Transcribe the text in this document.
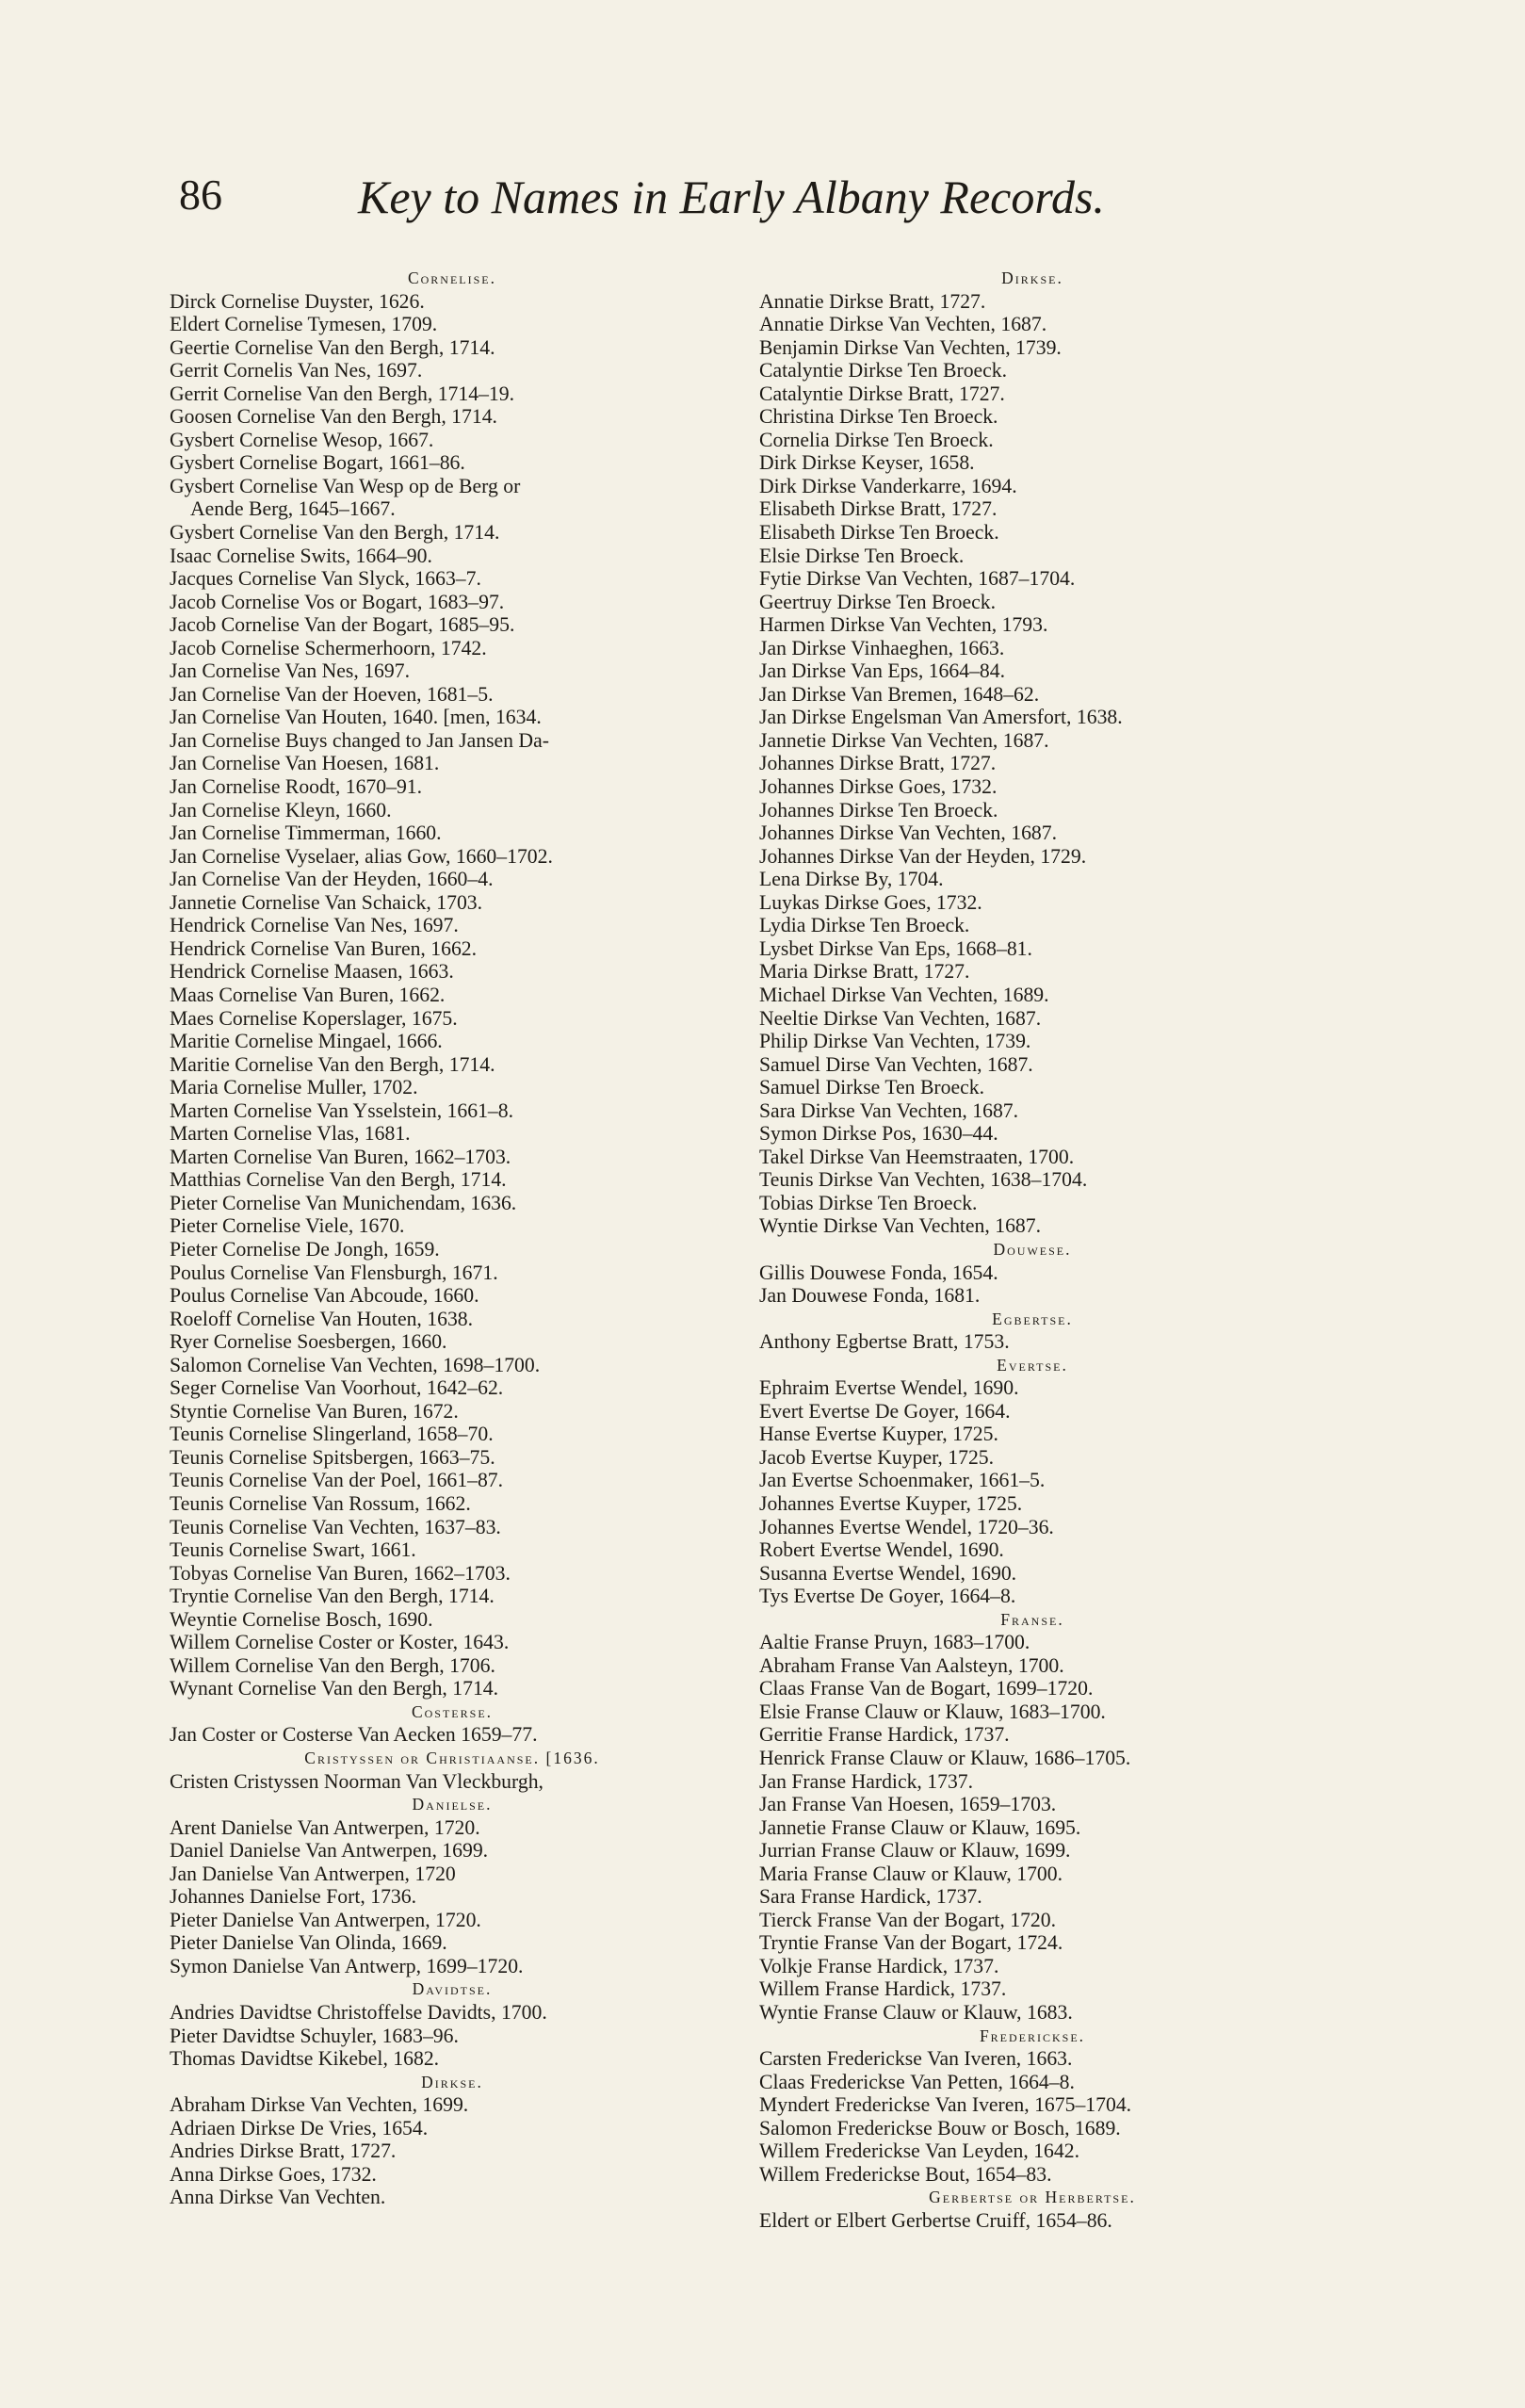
86	Key to Names in Early Albany Records.
Cornelise.
Dirck Cornelise Duyster, 1626.
Eldert Cornelise Tymesen, 1709.
Geertie Cornelise Van den Bergh, 1714.
Gerrit Cornelis Van Nes, 1697.
Gerrit Cornelise Van den Bergh, 1714–19.
Goosen Cornelise Van den Bergh, 1714.
Gysbert Cornelise Wesop, 1667.
Gysbert Cornelise Bogart, 1661–86.
Gysbert Cornelise Van Wesp op de Berg or
Aende Berg, 1645–1667.
Gysbert Cornelise Van den Bergh, 1714.
Isaac Cornelise Swits, 1664–90.
Jacques Cornelise Van Slyck, 1663–7.
Jacob Cornelise Vos or Bogart, 1683–97.
Jacob Cornelise Van der Bogart, 1685–95.
Jacob Cornelise Schermerhoorn, 1742.
Jan Cornelise Van Nes, 1697.
Jan Cornelise Van der Hoeven, 1681–5.
Jan Cornelise Van Houten, 1640. [men, 1634.
Jan Cornelise Buys changed to Jan Jansen Da-
Jan Cornelise Van Hoesen, 1681.
Jan Cornelise Roodt, 1670–91.
Jan Cornelise Kleyn, 1660.
Jan Cornelise Timmerman, 1660.
Jan Cornelise Vyselaer, alias Gow, 1660–1702.
Jan Cornelise Van der Heyden, 1660–4.
Jannetie Cornelise Van Schaick, 1703.
Hendrick Cornelise Van Nes, 1697.
Hendrick Cornelise Van Buren, 1662.
Hendrick Cornelise Maasen, 1663.
Maas Cornelise Van Buren, 1662.
Maes Cornelise Koperslager, 1675.
Maritie Cornelise Mingael, 1666.
Maritie Cornelise Van den Bergh, 1714.
Maria Cornelise Muller, 1702.
Marten Cornelise Van Ysselstein, 1661–8.
Marten Cornelise Vlas, 1681.
Marten Cornelise Van Buren, 1662–1703.
Matthias Cornelise Van den Bergh, 1714.
Pieter Cornelise Van Munichendam, 1636.
Pieter Cornelise Viele, 1670.
Pieter Cornelise De Jongh, 1659.
Poulus Cornelise Van Flensburgh, 1671.
Poulus Cornelise Van Abcoude, 1660.
Roeloff Cornelise Van Houten, 1638.
Ryer Cornelise Soesbergen, 1660.
Salomon Cornelise Van Vechten, 1698–1700.
Seger Cornelise Van Voorhout, 1642–62.
Styntie Cornelise Van Buren, 1672.
Teunis Cornelise Slingerland, 1658–70.
Teunis Cornelise Spitsbergen, 1663–75.
Teunis Cornelise Van der Poel, 1661–87.
Teunis Cornelise Van Rossum, 1662.
Teunis Cornelise Van Vechten, 1637–83.
Teunis Cornelise Swart, 1661.
Tobyas Cornelise Van Buren, 1662–1703.
Tryntie Cornelise Van den Bergh, 1714.
Weyntie Cornelise Bosch, 1690.
Willem Cornelise Coster or Koster, 1643.
Willem Cornelise Van den Bergh, 1706.
Wynant Cornelise Van den Bergh, 1714.
Costerse.
Jan Coster or Costerse Van Aecken 1659–77.
Cristyssen or Christiaanse. [1636.
Cristen Cristyssen Noorman Van Vleckburgh,
Danielse.
Arent Danielse Van Antwerpen, 1720.
Daniel Danielse Van Antwerpen, 1699.
Jan Danielse Van Antwerpen, 1720
Johannes Danielse Fort, 1736.
Pieter Danielse Van Antwerpen, 1720.
Pieter Danielse Van Olinda, 1669.
Symon Danielse Van Antwerp, 1699–1720.
Davidtse.
Andries Davidtse Christoffelse Davidts, 1700.
Pieter Davidtse Schuyler, 1683–96.
Thomas Davidtse Kikebel, 1682.
Dirkse.
Abraham Dirkse Van Vechten, 1699.
Adriaen Dirkse De Vries, 1654.
Andries Dirkse Bratt, 1727.
Anna Dirkse Goes, 1732.
Anna Dirkse Van Vechten.
Dirkse.
Annatie Dirkse Bratt, 1727.
Annatie Dirkse Van Vechten, 1687.
Benjamin Dirkse Van Vechten, 1739.
Catalyntie Dirkse Ten Broeck.
Catalyntie Dirkse Bratt, 1727.
Christina Dirkse Ten Broeck.
Cornelia Dirkse Ten Broeck.
Dirk Dirkse Keyser, 1658.
Dirk Dirkse Vanderkarre, 1694.
Elisabeth Dirkse Bratt, 1727.
Elisabeth Dirkse Ten Broeck.
Elsie Dirkse Ten Broeck.
Fytie Dirkse Van Vechten, 1687–1704.
Geertruy Dirkse Ten Broeck.
Harmen Dirkse Van Vechten, 1793.
Jan Dirkse Vinhaeghen, 1663.
Jan Dirkse Van Eps, 1664–84.
Jan Dirkse Van Bremen, 1648–62.
Jan Dirkse Engelsman Van Amersfort, 1638.
Jannetie Dirkse Van Vechten, 1687.
Johannes Dirkse Bratt, 1727.
Johannes Dirkse Goes, 1732.
Johannes Dirkse Ten Broeck.
Johannes Dirkse Van Vechten, 1687.
Johannes Dirkse Van der Heyden, 1729.
Lena Dirkse By, 1704.
Luykas Dirkse Goes, 1732.
Lydia Dirkse Ten Broeck.
Lysbet Dirkse Van Eps, 1668–81.
Maria Dirkse Bratt, 1727.
Michael Dirkse Van Vechten, 1689.
Neeltie Dirkse Van Vechten, 1687.
Philip Dirkse Van Vechten, 1739.
Samuel Dirse Van Vechten, 1687.
Samuel Dirkse Ten Broeck.
Sara Dirkse Van Vechten, 1687.
Symon Dirkse Pos, 1630–44.
Takel Dirkse Van Heemstraaten, 1700.
Teunis Dirkse Van Vechten, 1638–1704.
Tobias Dirkse Ten Broeck.
Wyntie Dirkse Van Vechten, 1687.
Douwese.
Gillis Douwese Fonda, 1654.
Jan Douwese Fonda, 1681.
Egbertse.
Anthony Egbertse Bratt, 1753.
Evertse.
Ephraim Evertse Wendel, 1690.
Evert Evertse De Goyer, 1664.
Hanse Evertse Kuyper, 1725.
Jacob Evertse Kuyper, 1725.
Jan Evertse Schoenmaker, 1661–5.
Johannes Evertse Kuyper, 1725.
Johannes Evertse Wendel, 1720–36.
Robert Evertse Wendel, 1690.
Susanna Evertse Wendel, 1690.
Tys Evertse De Goyer, 1664–8.
Franse.
Aaltie Franse Pruyn, 1683–1700.
Abraham Franse Van Aalsteyn, 1700.
Claas Franse Van de Bogart, 1699–1720.
Elsie Franse Clauw or Klauw, 1683–1700.
Gerritie Franse Hardick, 1737.
Henrick Franse Clauw or Klauw, 1686–1705.
Jan Franse Hardick, 1737.
Jan Franse Van Hoesen, 1659–1703.
Jannetie Franse Clauw or Klauw, 1695.
Jurrian Franse Clauw or Klauw, 1699.
Maria Franse Clauw or Klauw, 1700.
Sara Franse Hardick, 1737.
Tierck Franse Van der Bogart, 1720.
Tryntie Franse Van der Bogart, 1724.
Volkje Franse Hardick, 1737.
Willem Franse Hardick, 1737.
Wyntie Franse Clauw or Klauw, 1683.
Fredericksе.
Carsten Fredericksе Van Iveren, 1663.
Claas Fredericksе Van Petten, 1664–8.
Myndert Fredericksе Van Iveren, 1675–1704.
Salomon Fredericksе Bouw or Bosch, 1689.
Willem Fredericksе Van Leyden, 1642.
Willem Fredericksе Bout, 1654–83.
Gerbertse or Herbertse.
Eldert or Elbert Gerbertse Cruiff, 1654–86.
